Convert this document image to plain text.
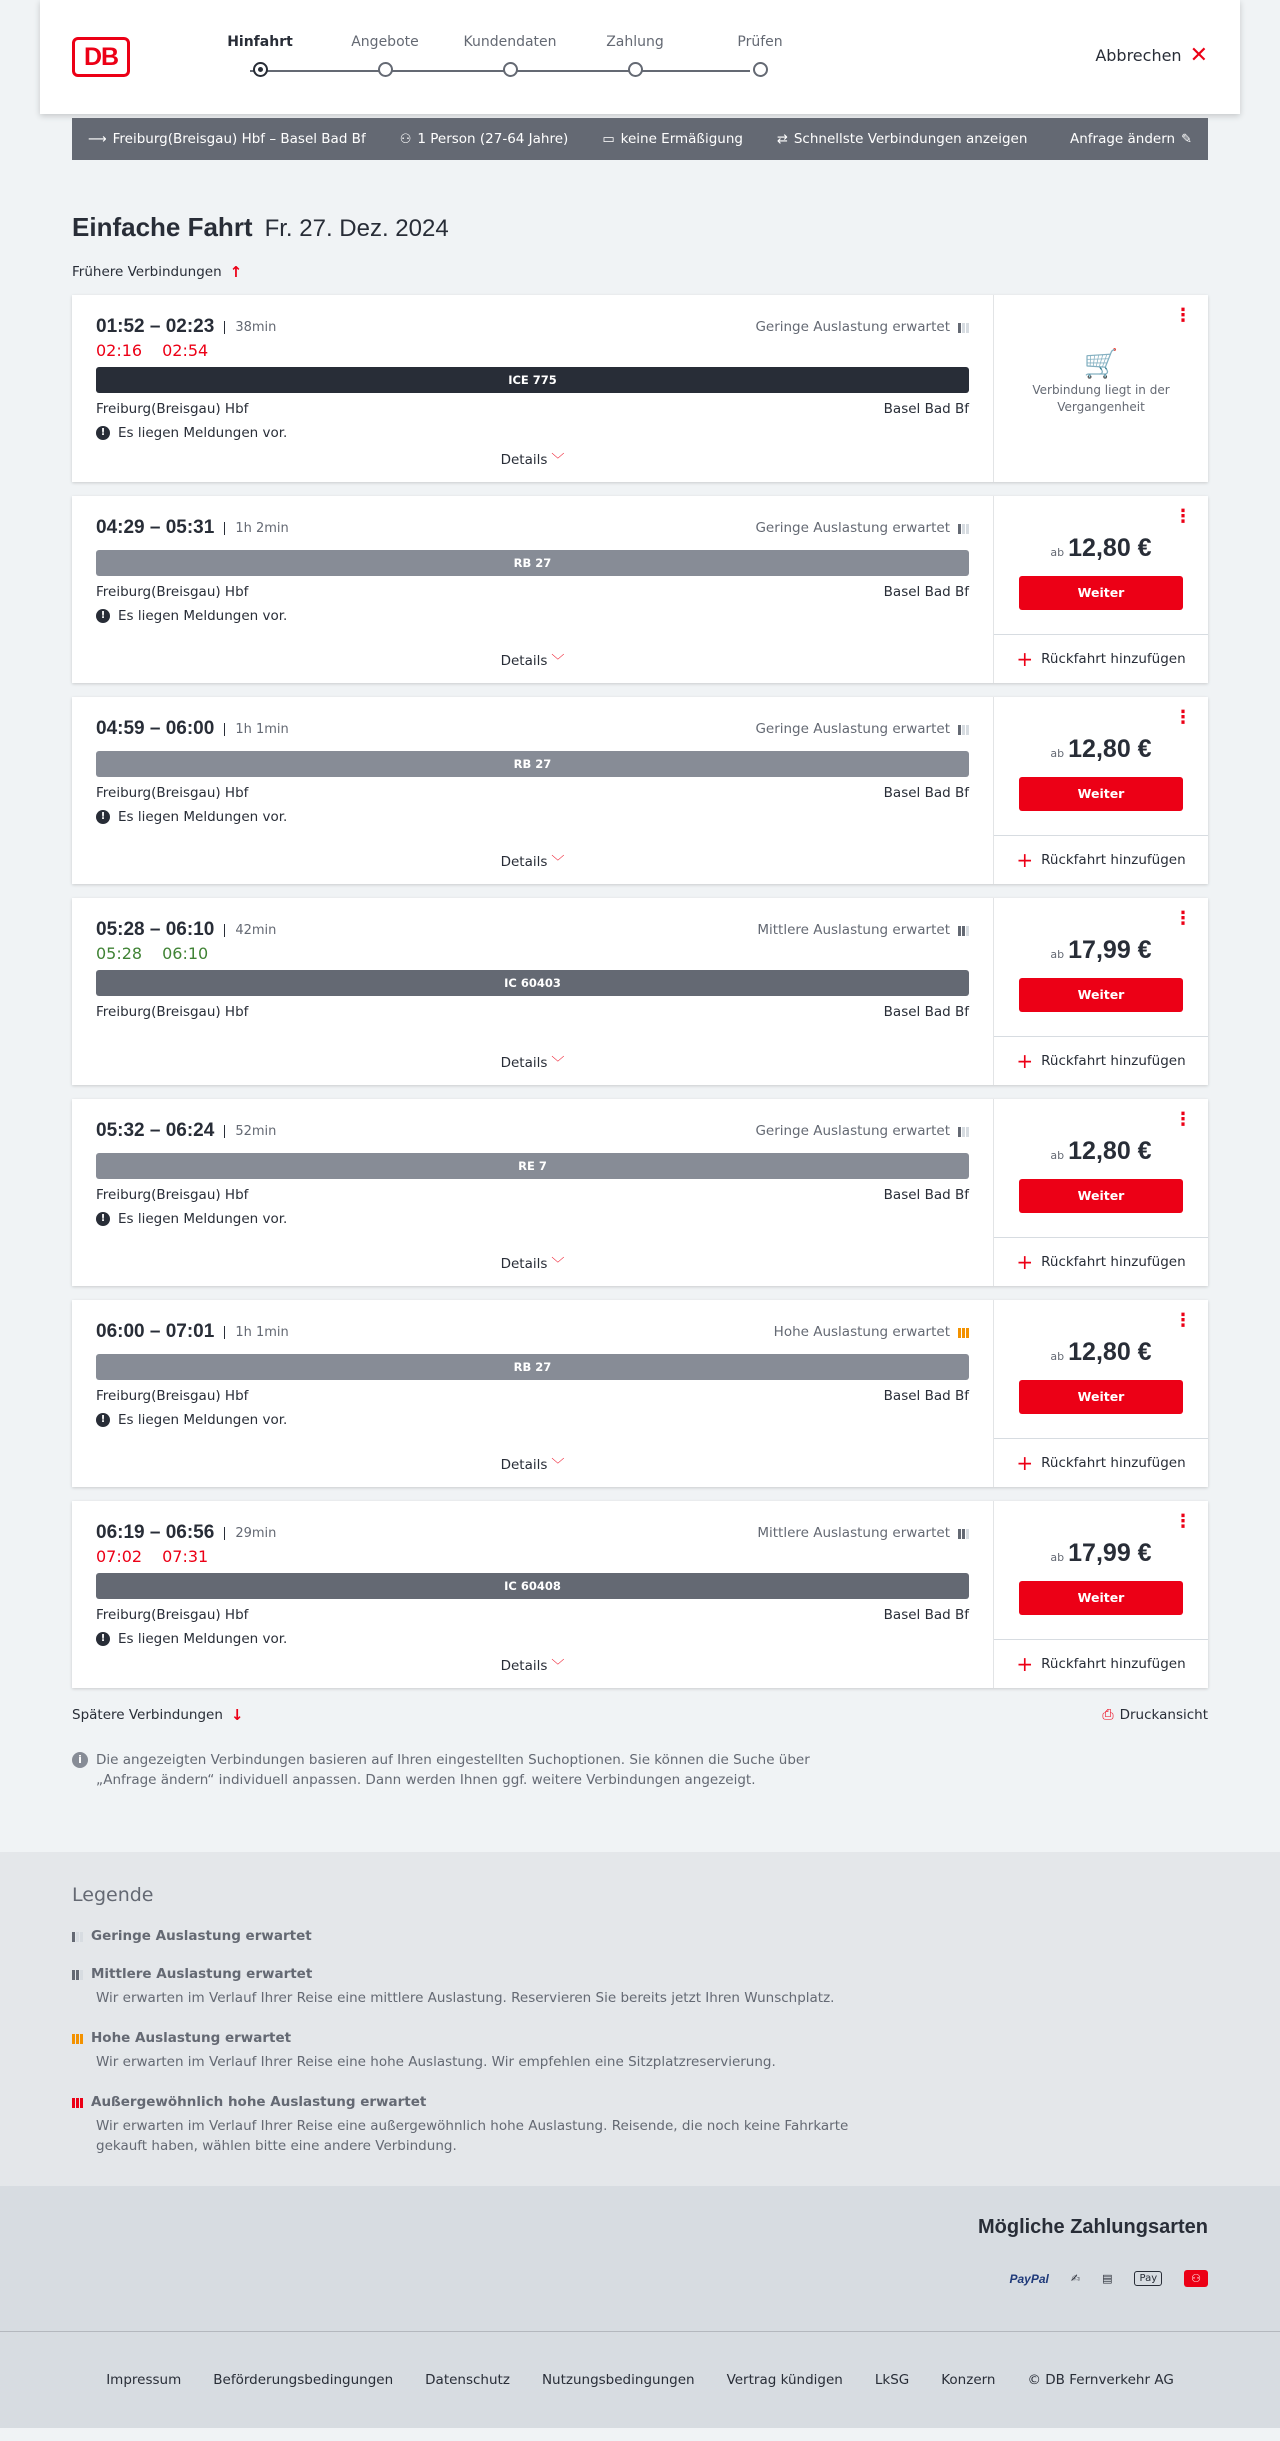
DB
Hinfahrt	Angebote	Kundendaten	Zahlung	Prüfen
Abbrechen ✕
⟶ Freiburg(Breisgau) Hbf – Basel Bad Bf	⚇ 1 Person (27-64 Jahre)	▭ keine Ermäßigung	⇄ Schnellste Verbindungen anzeigen	Anfrage ändern ✎
Einfache Fahrt Fr. 27. Dez. 2024
Frühere Verbindungen ↑
01:52 – 02:23	38min	Geringe Auslastung erwartet
02:16 02:54
ICE 775
Freiburg(Breisgau) Hbf	Basel Bad Bf
! Es liegen Meldungen vor.
Details ﹀
⋮
🛒
Verbindung liegt in der Vergangenheit
04:29 – 05:31	1h 2min	Geringe Auslastung erwartet
RB 27
Freiburg(Breisgau) Hbf	Basel Bad Bf
! Es liegen Meldungen vor.
Details ﹀
⋮
ab 12,80 €
Weiter
+ Rückfahrt hinzufügen
04:59 – 06:00	1h 1min	Geringe Auslastung erwartet
RB 27
Freiburg(Breisgau) Hbf	Basel Bad Bf
! Es liegen Meldungen vor.
Details ﹀
⋮
ab 12,80 €
Weiter
+ Rückfahrt hinzufügen
05:28 – 06:10	42min	Mittlere Auslastung erwartet
05:28 06:10
IC 60403
Freiburg(Breisgau) Hbf	Basel Bad Bf
Details ﹀
⋮
ab 17,99 €
Weiter
+ Rückfahrt hinzufügen
05:32 – 06:24	52min	Geringe Auslastung erwartet
RE 7
Freiburg(Breisgau) Hbf	Basel Bad Bf
! Es liegen Meldungen vor.
Details ﹀
⋮
ab 12,80 €
Weiter
+ Rückfahrt hinzufügen
06:00 – 07:01	1h 1min	Hohe Auslastung erwartet
RB 27
Freiburg(Breisgau) Hbf	Basel Bad Bf
! Es liegen Meldungen vor.
Details ﹀
⋮
ab 12,80 €
Weiter
+ Rückfahrt hinzufügen
06:19 – 06:56	29min	Mittlere Auslastung erwartet
07:02 07:31
IC 60408
Freiburg(Breisgau) Hbf	Basel Bad Bf
! Es liegen Meldungen vor.
Details ﹀
⋮
ab 17,99 €
Weiter
+ Rückfahrt hinzufügen
Spätere Verbindungen ↓	⎙ Druckansicht
i	Die angezeigten Verbindungen basieren auf Ihren eingestellten Suchoptionen. Sie können die Suche über „Anfrage ändern“ individuell anpassen. Dann werden Ihnen ggf. weitere Verbindungen angezeigt.
Legende
Geringe Auslastung erwartet
Mittlere Auslastung erwartet
Wir erwarten im Verlauf Ihrer Reise eine mittlere Auslastung. Reservieren Sie bereits jetzt Ihren Wunschplatz.
Hohe Auslastung erwartet
Wir erwarten im Verlauf Ihrer Reise eine hohe Auslastung. Wir empfehlen eine Sitzplatzreservierung.
Außergewöhnlich hohe Auslastung erwartet
Wir erwarten im Verlauf Ihrer Reise eine außergewöhnlich hohe Auslastung. Reisende, die noch keine Fahrkarte gekauft haben, wählen bitte eine andere Verbindung.
Mögliche Zahlungsarten
PayPal ✍ ▤	Pay	⚇
Impressum Beförderungsbedingungen Datenschutz Nutzungsbedingungen Vertrag kündigen LkSG Konzern © DB Fernverkehr AG
